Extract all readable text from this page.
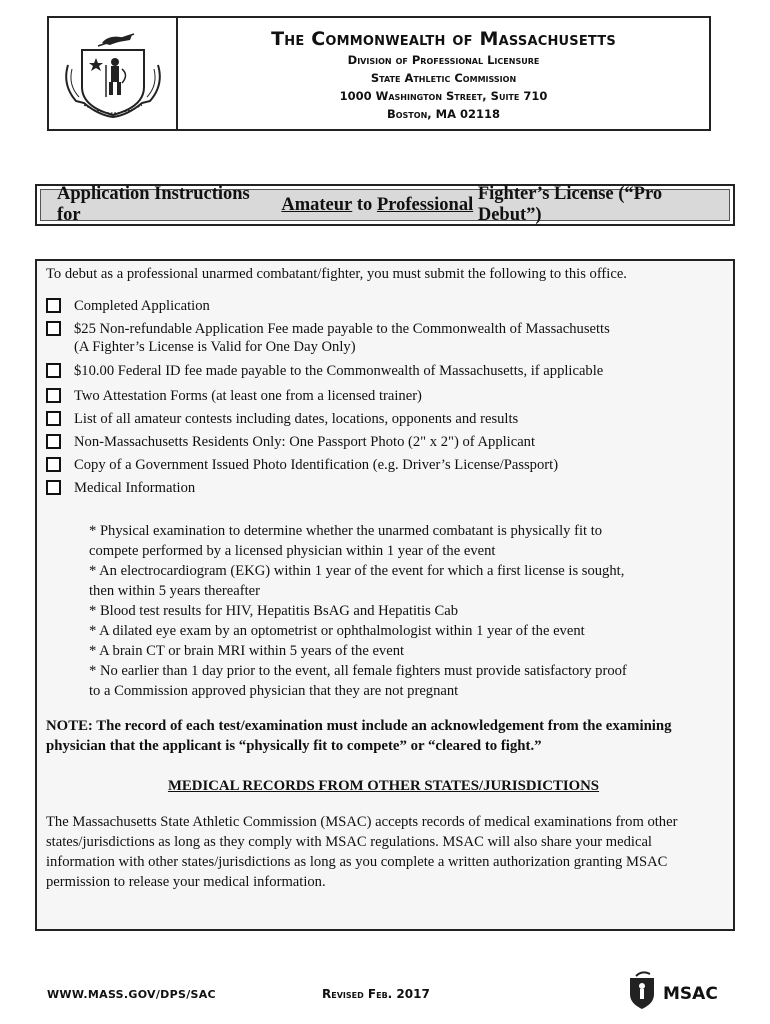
The Commonwealth of Massachusetts
Division of Professional Licensure
State Athletic Commission
1000 Washington Street, Suite 710
Boston, MA 02118
Application Instructions for

Amateur
to
Professional

Fighter’s License (“Pro Debut”)
To debut as a professional unarmed combatant/fighter, you must submit the following to this office.
Completed Application
$25 Non-refundable Application Fee made payable to the Commonwealth of Massachusetts
(A Fighter’s License is Valid for One Day Only)
$10.00 Federal ID fee made payable to the Commonwealth of Massachusetts, if applicable
Two Attestation Forms (at least one from a licensed trainer)
List of all amateur contests including dates, locations, opponents and results
Non-Massachusetts Residents Only: One Passport Photo (2" x 2") of Applicant
Copy of a Government Issued Photo Identification (e.g. Driver’s License/Passport)
Medical Information
* Physical examination to determine whether the unarmed combatant is physically fit to
compete performed by a licensed physician within 1 year of the event
* An electrocardiogram (EKG) within 1 year of the event for which a first license is sought,
then within 5 years thereafter
* Blood test results for HIV, Hepatitis BsAG and Hepatitis Cab
* A dilated eye exam by an optometrist or ophthalmologist within 1 year of the event
* A brain CT or brain MRI within 5 years of the event
* No earlier than 1 day prior to the event, all female fighters must provide satisfactory proof
to a Commission approved physician that they are not pregnant
NOTE: The record of each test/examination must include an acknowledgement from the examining physician that the applicant is “physically fit to compete” or “cleared to fight.”
MEDICAL RECORDS FROM OTHER STATES/JURISDICTIONS
The Massachusetts State Athletic Commission (MSAC) accepts records of medical examinations from other states/jurisdictions as long as they comply with MSAC regulations. MSAC will also share your medical information with other states/jurisdictions as long as you complete a written authorization granting MSAC permission to release your medical information.
WWW.MASS.GOV/DPS/SAC	Revised Feb. 2017	MSAC
